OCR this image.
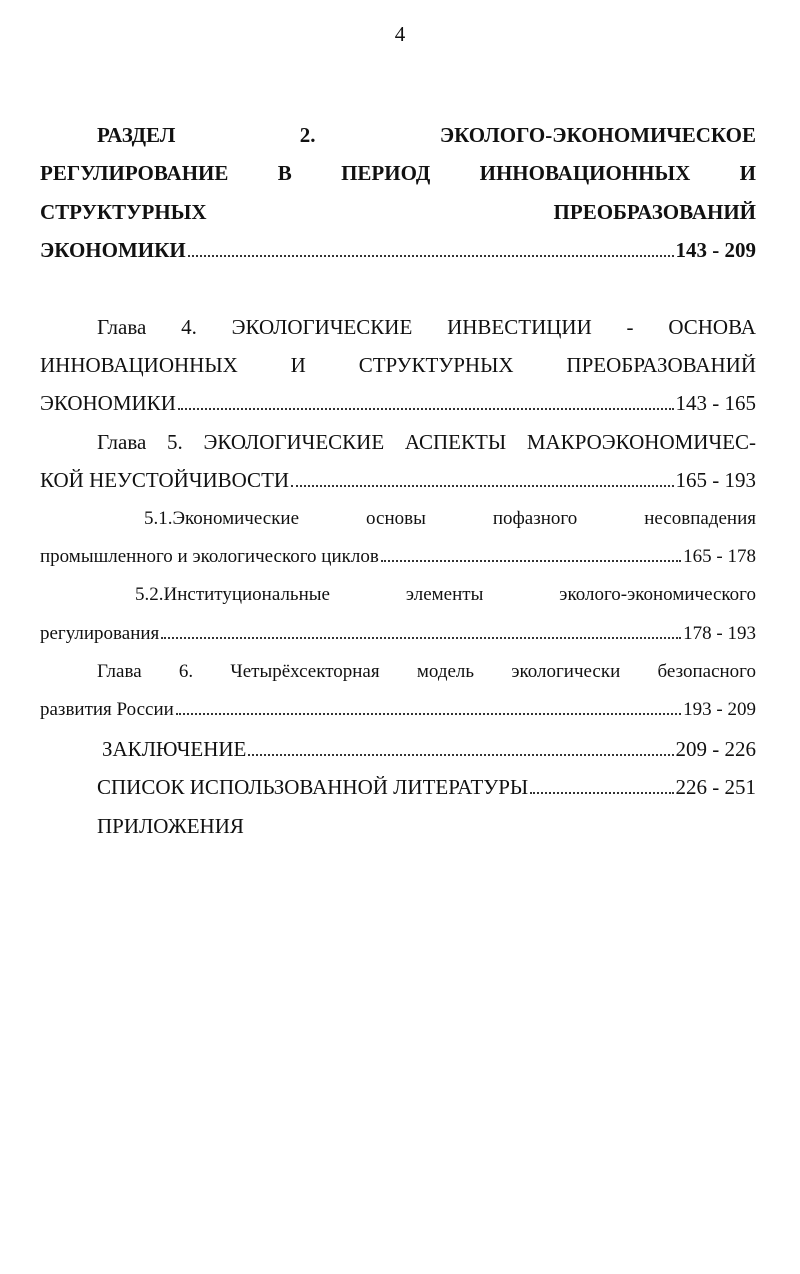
4
РАЗДЕЛ	2.	ЭКОЛОГО-ЭКОНОМИЧЕСКОЕ
РЕГУЛИРОВАНИЕ В ПЕРИОД ИННОВАЦИОННЫХ И
СТРУКТУРНЫХ	ПРЕОБРАЗОВАНИЙ
ЭКОНОМИКИ	143 - 209
Глава 4. ЭКОЛОГИЧЕСКИЕ ИНВЕСТИЦИИ - ОСНОВА
ИННОВАЦИОННЫХ	И	СТРУКТУРНЫХ	ПРЕОБРАЗОВАНИЙ
ЭКОНОМИКИ	143 - 165
Глава 5. ЭКОЛОГИЧЕСКИЕ АСПЕКТЫ МАКРОЭКОНОМИЧЕС-
КОЙ НЕУСТОЙЧИВОСТИ	165 - 193
5.1.Экономические	основы	пофазного	несовпадения
промышленного и экологического циклов	165 - 178
5.2.Институциональные	элементы	эколого-экономического
регулирования	178 - 193
Глава 6. Четырёхсекторная модель экологически безопасного
развития России	193 - 209
ЗАКЛЮЧЕНИЕ	209 - 226
СПИСОК ИСПОЛЬЗОВАННОЙ ЛИТЕРАТУРЫ	226 - 251
ПРИЛОЖЕНИЯ
